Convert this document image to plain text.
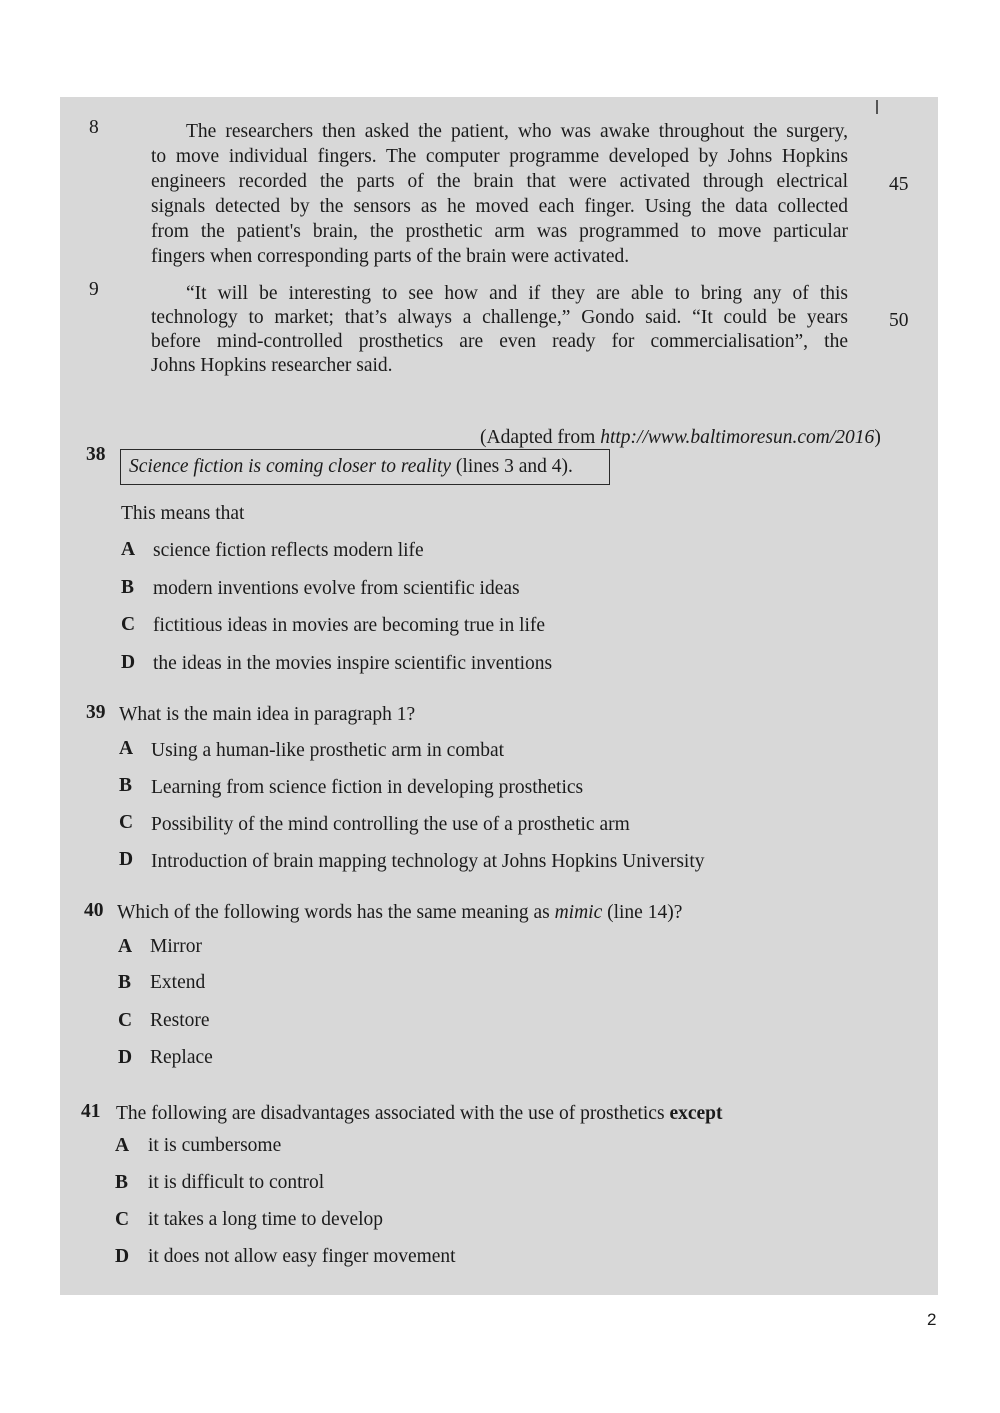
8	The researchers then asked the patient, who was awake throughout the surgery,
to move individual fingers. The computer programme developed by Johns Hopkins
engineers recorded the parts of the brain that were activated through electrical 45
signals detected by the sensors as he moved each finger. Using the data collected
from the patient's brain, the prosthetic arm was programmed to move particular
fingers when corresponding parts of the brain were activated.
9	“It will be interesting to see how and if they are able to bring any of this
technology to market; that’s always a challenge,” Gondo said. “It could be years 50
before mind-controlled prosthetics are even ready for commercialisation”, the
Johns Hopkins researcher said.
(Adapted from http://www.baltimoresun.com/2016)
38
Science fiction is coming closer to reality (lines 3 and 4).
This means that
A science fiction reflects modern life
B modern inventions evolve from scientific ideas
C fictitious ideas in movies are becoming true in life
D the ideas in the movies inspire scientific inventions
39 What is the main idea in paragraph 1?
A Using a human-like prosthetic arm in combat
B Learning from science fiction in developing prosthetics
C Possibility of the mind controlling the use of a prosthetic arm
D Introduction of brain mapping technology at Johns Hopkins University
40 Which of the following words has the same meaning as mimic (line 14)?
A Mirror
B Extend
C Restore
D Replace
41 The following are disadvantages associated with the use of prosthetics except
A it is cumbersome
B it is difficult to control
C it takes a long time to develop
D it does not allow easy finger movement
2
